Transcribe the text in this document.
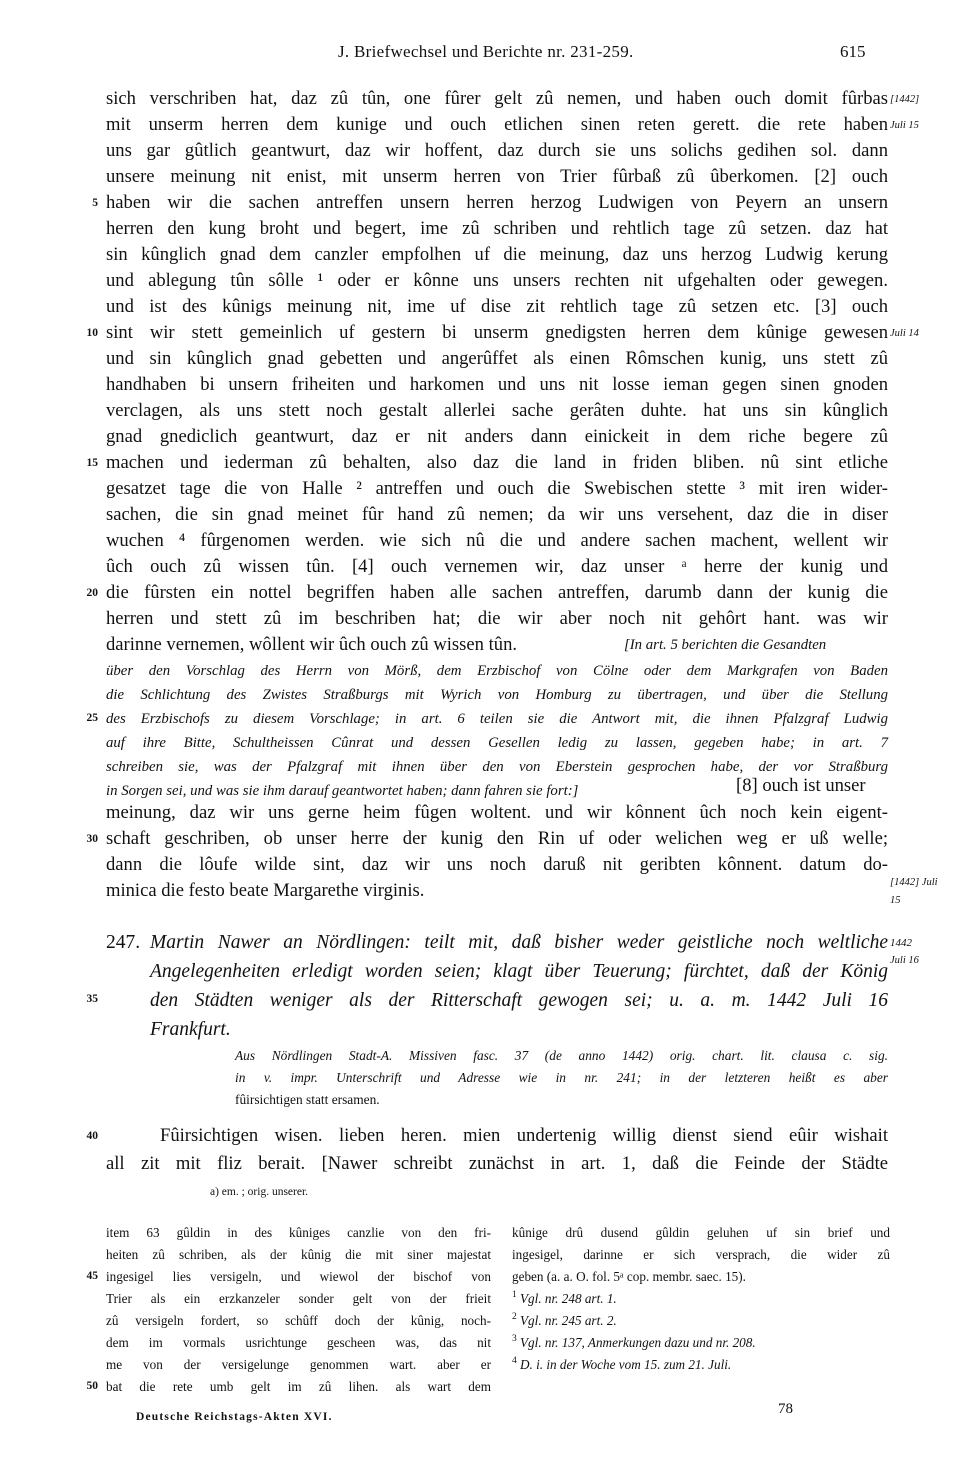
J. Briefwechsel und Berichte nr. 231-259.	615
sich verschriben hat, daz zû tûn, one fûrer gelt zû nemen, und haben ouch domit fûrbas [1442]
mit unserm herren dem kunige und ouch etlichen sinen reten gerett. die rete haben Juli 15
uns gar gûtlich geantwurt, daz wir hoffent, daz durch sie uns solichs gedihen sol. dann
unsere meinung nit enist, mit unserm herren von Trier fûrbaß zû ûberkomen. [2] ouch
haben wir die sachen antreffen unsern herren herzog Ludwigen von Peyern an unsern
5
herren den kung broht und begert, ime zû schriben und rehtlich tage zû setzen. daz hat
sin kûnglich gnad dem canzler empfolhen uf die meinung, daz uns herzog Ludwig kerung
und ablegung tûn sôlle ¹ oder er kônne uns unsers rechten nit ufgehalten oder gewegen.
und ist des kûnigs meinung nit, ime uf dise zit rehtlich tage zû setzen etc. [3] ouch
sint wir stett gemeinlich uf gestern bi unserm gnedigsten herren dem kûnige gewesen
10	Juli 14
und sin kûnglich gnad gebetten und angerûffet als einen Rômschen kunig, uns stett zû
handhaben bi unsern friheiten und harkomen und uns nit losse ieman gegen sinen gnoden
verclagen, als uns stett noch gestalt allerlei sache gerâten duhte. hat uns sin kûnglich
gnad gnediclich geantwurt, daz er nit anders dann einickeit in dem riche begere zû
machen und iederman zû behalten, also daz die land in friden bliben. nû sint etliche
15
gesatzet tage die von Halle ² antreffen und ouch die Swebischen stette ³ mit iren wider-
sachen, die sin gnad meinet fûr hand zû nemen; da wir uns versehent, daz die in diser
wuchen ⁴ fûrgenomen werden. wie sich nû die und andere sachen machent, wellent wir
ûch ouch zû wissen tûn. [4] ouch vernemen wir, daz unser ᵃ herre der kunig und
die fûrsten ein nottel begriffen haben alle sachen antreffen, darumb dann der kunig die
20
herren und stett zû im beschriben hat; die wir aber noch nit gehôrt hant. was wir
darinne vernemen, wôllent wir ûch ouch zû wissen tûn.	[In art. 5 berichten die Gesandten
über den Vorschlag des Herrn von Mörß, dem Erzbischof von Cölne oder dem Markgrafen von Baden
die Schlichtung des Zwistes Straßburgs mit Wyrich von Homburg zu übertragen, und über die Stellung
des Erzbischofs zu diesem Vorschlage; in art. 6 teilen sie die Antwort mit, die ihnen Pfalzgraf Ludwig
25
auf ihre Bitte, Schultheissen Cûnrat und dessen Gesellen ledig zu lassen, gegeben habe; in art. 7
schreiben sie, was der Pfalzgraf mit ihnen über den von Eberstein gesprochen habe, der vor Straßburg
in Sorgen sei, und was sie ihm darauf geantwortet haben; dann fahren sie fort:]	[8] ouch ist unser
meinung, daz wir uns gerne heim fûgen woltent. und wir kônnent ûch noch kein eigent-
schaft geschriben, ob unser herre der kunig den Rin uf oder welichen weg er uß welle;
30
dann die lôufe wilde sint, daz wir uns noch daruß nit geribten kônnent. datum do-
minica die festo beate Margarethe virginis.	[1442] Juli 15
247. Martin Nawer an Nördlingen: teilt mit, daß bisher weder geistliche noch weltliche
Angelegenheiten erledigt worden seien; klagt über Teuerung; fürchtet, daß der König
den Städten weniger als der Ritterschaft gewogen sei; u. a. m. 1442 Juli 16
Frankfurt.
1442
Juli 16
35
Aus Nördlingen Stadt-A. Missiven fasc. 37 (de anno 1442) orig. chart. lit. clausa c. sig.
in v. impr. Unterschrift und Adresse wie in nr. 241; in der letzteren heißt es aber
fûirsichtigen statt ersamen.
Fûirsichtigen wisen. lieben heren. mien undertenig willig dienst siend eûir wishait
40
all zit mit fliz berait. [Nawer schreibt zunächst in art. 1, daß die Feinde der Städte
a) em. ; orig. unserer.
item 63 gûldin in des kûniges canzlie von den fri-
heiten zû schriben, als der kûnig die mit siner majestat
ingesigel lies versigeln, und wiewol der bischof von
45
Trier als ein erzkanzeler sonder gelt von der frieit
zû versigeln fordert, so schûff doch der kûnig, noch-
dem im vormals usrichtunge gescheen was, das nit
me von der versigelunge genommen wart. aber er
bat die rete umb gelt im zû lihen. als wart dem
50
kûnige drû dusend gûldin geluhen uf sin brief und
ingesigel, darinne er sich versprach, die wider zû
geben (a. a. O. fol. 5ᵃ cop. membr. saec. 15).
1 Vgl. nr. 248 art. 1.
2 Vgl. nr. 245 art. 2.
3 Vgl. nr. 137, Anmerkungen dazu und nr. 208.
4 D. i. in der Woche vom 15. zum 21. Juli.
Deutsche Reichstags-Akten XVI.	78
